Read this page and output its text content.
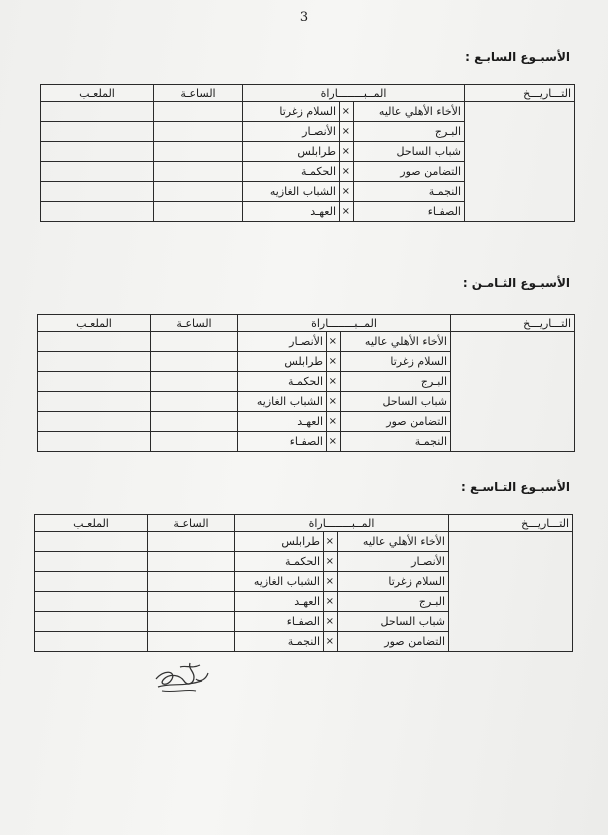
3
الأسبـوع السابـع :
التـــاريـــخ	المــبــــــــاراة			الساعـة	الملعـب
	الأخاء الأهلي عاليه	×	السلام زغرتا		
	البـرج	×	الأنصـار		
	شباب الساحل	×	طرابلس		
	التضامن صور	×	الحكمـة		
	النجمـة	×	الشباب الغازيه		
	الصفـاء	×	العهـد		
الأسبـوع الثـامـن :
التـــاريـــخ	المــبــــــــاراة			الساعـة	الملعـب
	الأخاء الأهلي عاليه	×	الأنصـار		
	السلام زغرتا	×	طرابلس		
	البـرج	×	الحكمـة		
	شباب الساحل	×	الشباب الغازيه		
	التضامن صور	×	العهـد		
	النجمـة	×	الصفـاء		
الأسبـوع التـاسـع :
التـــاريـــخ	المــبــــــــاراة			الساعـة	الملعـب
	الأخاء الأهلي عاليه	×	طرابلس		
	الأنصـار	×	الحكمـة		
	السلام زغرتا	×	الشباب الغازيه		
	البـرج	×	العهـد		
	شباب الساحل	×	الصفـاء		
	التضامن صور	×	النجمـة		
